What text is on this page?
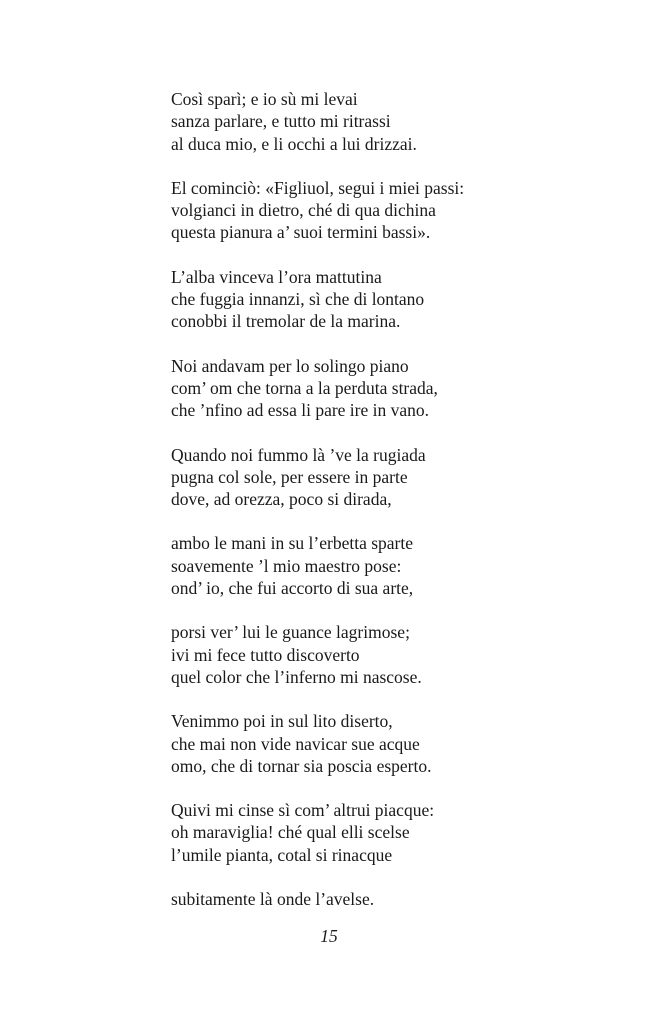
Così sparì; e io sù mi levai
sanza parlare, e tutto mi ritrassi
al duca mio, e li occhi a lui drizzai.
El cominciò: «Figliuol, segui i miei passi:
volgianci in dietro, ché di qua dichina
questa pianura a’ suoi termini bassi».
L’alba vinceva l’ora mattutina
che fuggia innanzi, sì che di lontano
conobbi il tremolar de la marina.
Noi andavam per lo solingo piano
com’ om che torna a la perduta strada,
che ’nfino ad essa li pare ire in vano.
Quando noi fummo là ’ve la rugiada
pugna col sole, per essere in parte
dove, ad orezza, poco si dirada,
ambo le mani in su l’erbetta sparte
soavemente ’l mio maestro pose:
ond’ io, che fui accorto di sua arte,
porsi ver’ lui le guance lagrimose;
ivi mi fece tutto discoverto
quel color che l’inferno mi nascose.
Venimmo poi in sul lito diserto,
che mai non vide navicar sue acque
omo, che di tornar sia poscia esperto.
Quivi mi cinse sì com’ altrui piacque:
oh maraviglia! ché qual elli scelse
l’umile pianta, cotal si rinacque
subitamente là onde l’avelse.
15
